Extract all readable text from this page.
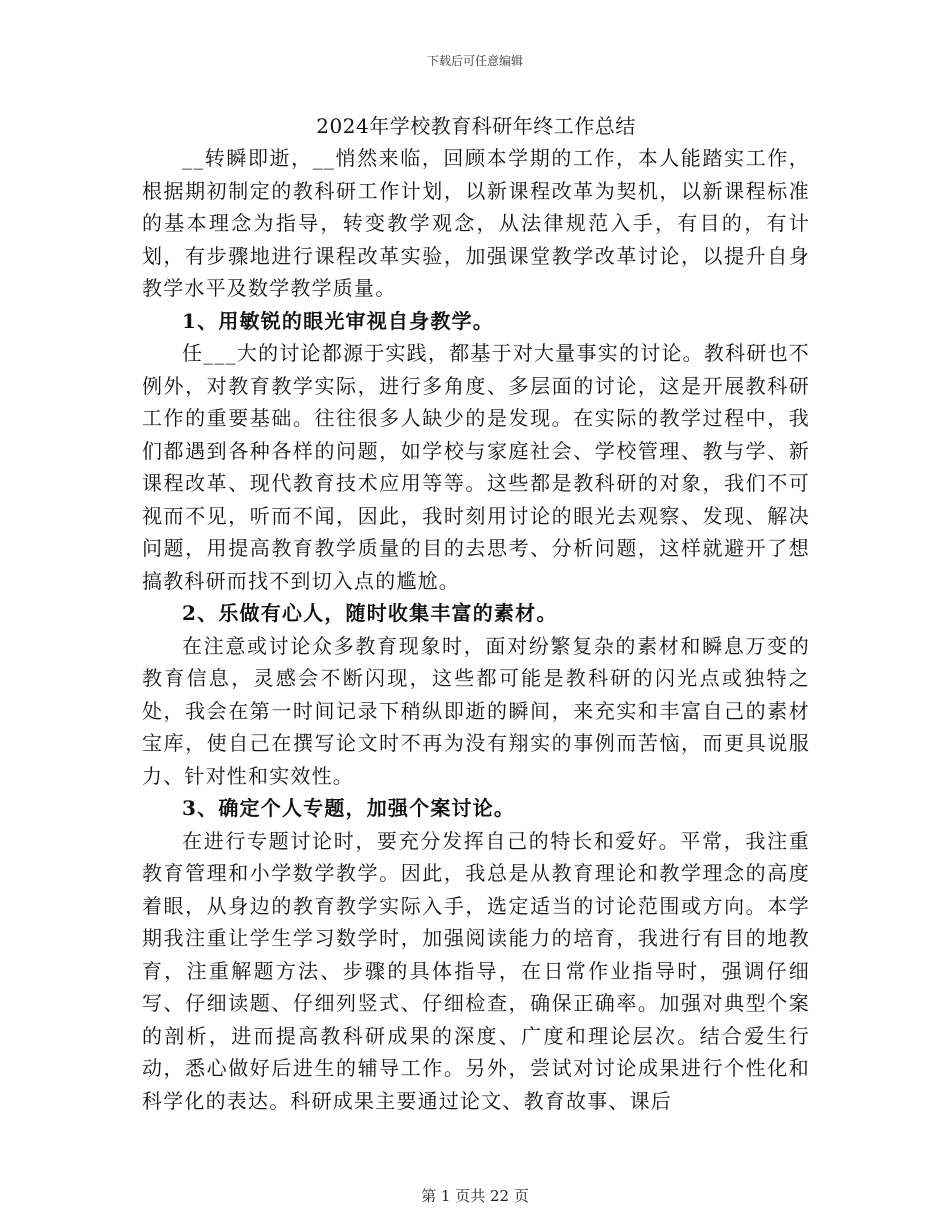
下载后可任意编辑
2024年学校教育科研年终工作总结

__转瞬即逝，__悄然来临，回顾本学期的工作，本人能踏实工作，根据期初制定的教科研工作计划，以新课程改革为契机，以新课程标准的基本理念为指导，转变教学观念，从法律规范入手，有目的，有计划，有步骤地进行课程改革实验，加强课堂教学改革讨论，以提升自身教学水平及数学教学质量。

1、用敏锐的眼光审视自身教学。

任___大的讨论都源于实践，都基于对大量事实的讨论。教科研也不例外，对教育教学实际，进行多角度、多层面的讨论，这是开展教科研工作的重要基础。往往很多人缺少的是发现。在实际的教学过程中，我们都遇到各种各样的问题，如学校与家庭社会、学校管理、教与学、新课程改革、现代教育技术应用等等。这些都是教科研的对象，我们不可视而不见，听而不闻，因此，我时刻用讨论的眼光去观察、发现、解决问题，用提高教育教学质量的目的去思考、分析问题，这样就避开了想搞教科研而找不到切入点的尴尬。

2、乐做有心人，随时收集丰富的素材。

在注意或讨论众多教育现象时，面对纷繁复杂的素材和瞬息万变的教育信息，灵感会不断闪现，这些都可能是教科研的闪光点或独特之处，我会在第一时间记录下稍纵即逝的瞬间，来充实和丰富自己的素材宝库，使自己在撰写论文时不再为没有翔实的事例而苦恼，而更具说服力、针对性和实效性。

3、确定个人专题，加强个案讨论。

在进行专题讨论时，要充分发挥自己的特长和爱好。平常，我注重教育管理和小学数学教学。因此，我总是从教育理论和教学理念的高度着眼，从身边的教育教学实际入手，选定适当的讨论范围或方向。本学期我注重让学生学习数学时，加强阅读能力的培育，我进行有目的地教育，注重解题方法、步骤的具体指导，在日常作业指导时，强调仔细写、仔细读题、仔细列竖式、仔细检查，确保正确率。加强对典型个案的剖析，进而提高教科研成果的深度、广度和理论层次。结合爱生行动，悉心做好后进生的辅导工作。另外，尝试对讨论成果进行个性化和科学化的表达。科研成果主要通过论文、教育故事、课后

第 1 页共 22 页
